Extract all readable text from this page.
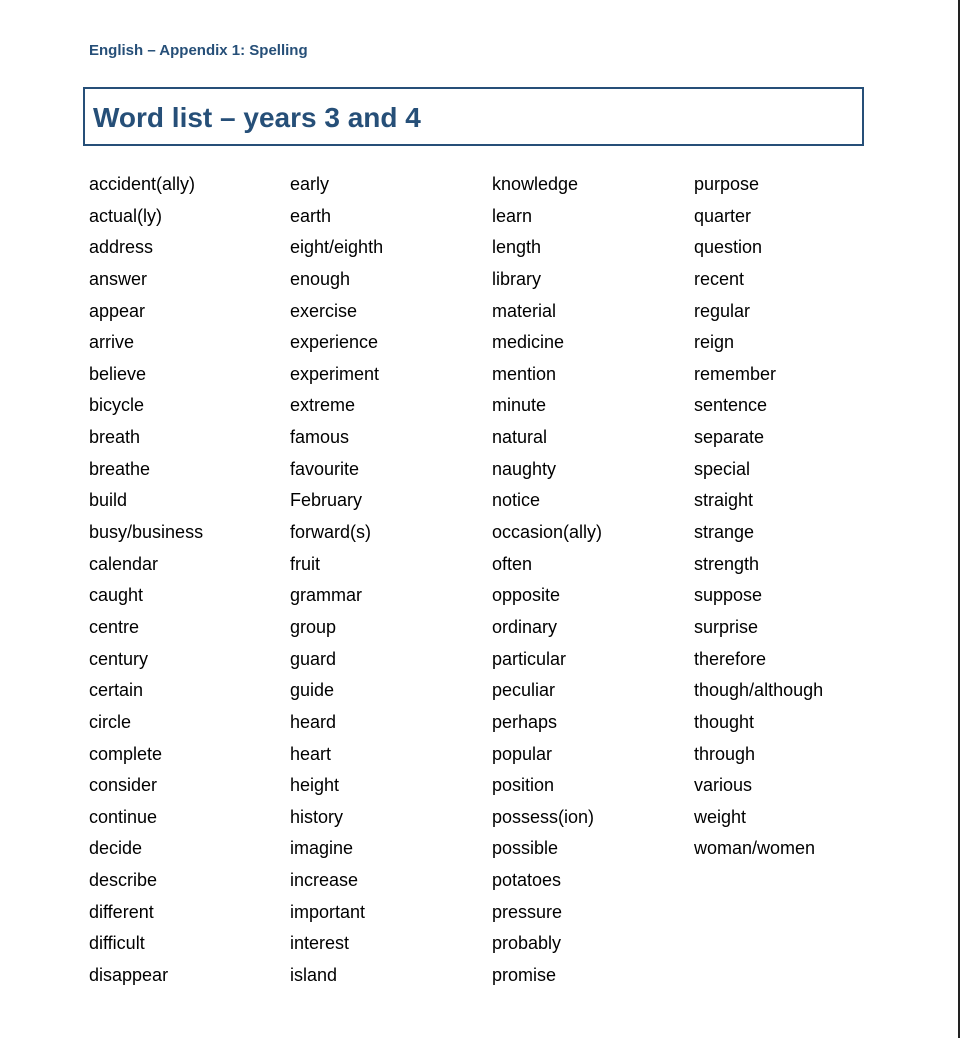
English – Appendix 1: Spelling
Word list – years 3 and 4
accident(ally)
actual(ly)
address
answer
appear
arrive
believe
bicycle
breath
breathe
build
busy/business
calendar
caught
centre
century
certain
circle
complete
consider
continue
decide
describe
different
difficult
disappear
early
earth
eight/eighth
enough
exercise
experience
experiment
extreme
famous
favourite
February
forward(s)
fruit
grammar
group
guard
guide
heard
heart
height
history
imagine
increase
important
interest
island
knowledge
learn
length
library
material
medicine
mention
minute
natural
naughty
notice
occasion(ally)
often
opposite
ordinary
particular
peculiar
perhaps
popular
position
possess(ion)
possible
potatoes
pressure
probably
promise
purpose
quarter
question
recent
regular
reign
remember
sentence
separate
special
straight
strange
strength
suppose
surprise
therefore
though/although
thought
through
various
weight
woman/women
